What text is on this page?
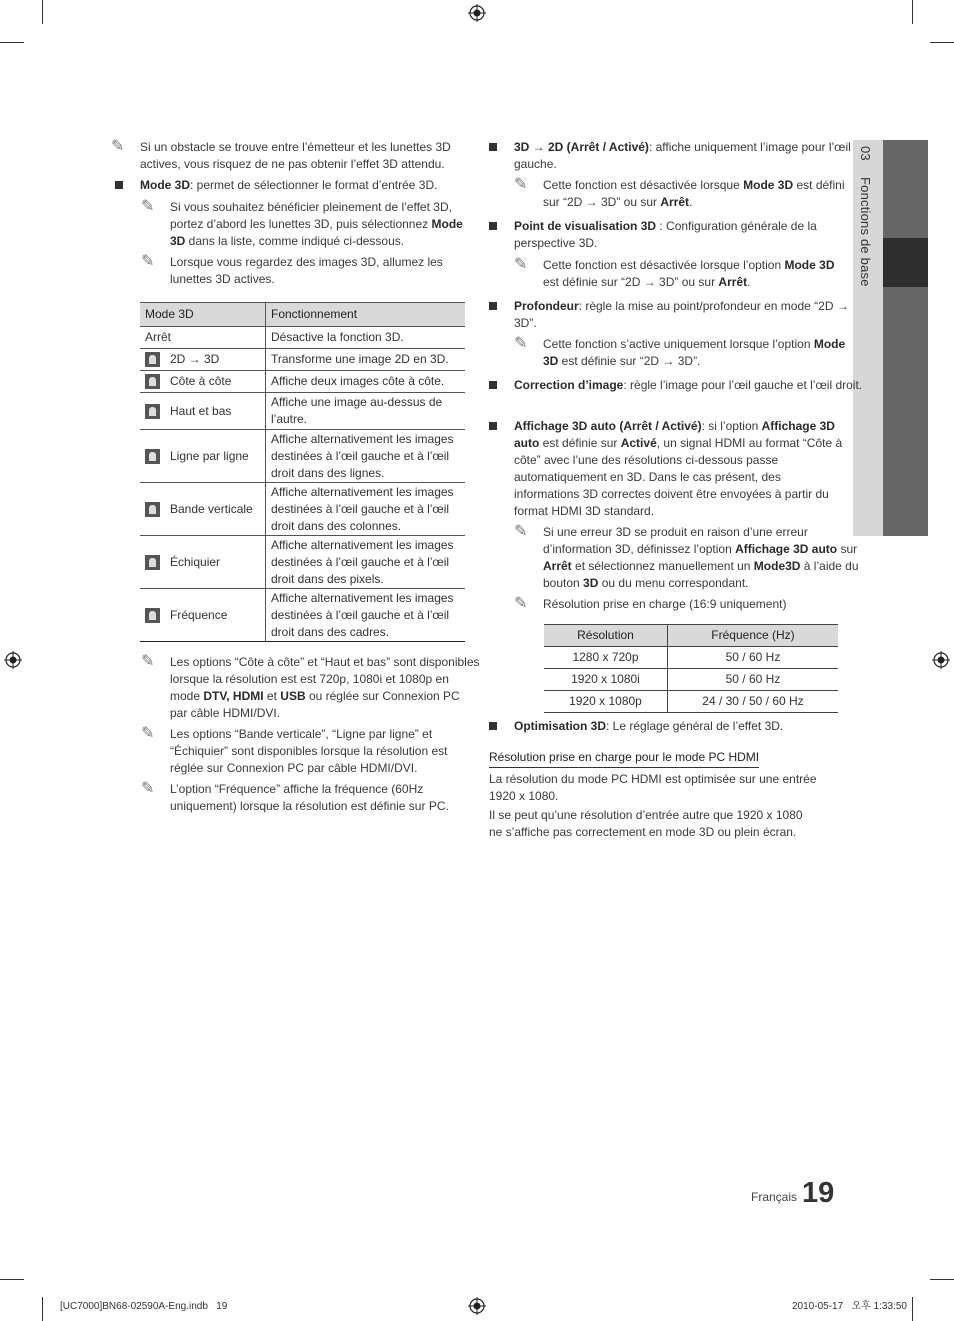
03
Fonctions de base
✎ Si un obstacle se trouve entre l’émetteur et les lunettes 3D actives, vous risquez de ne pas obtenir l’effet 3D attendu.
Mode 3D: permet de sélectionner le format d’entrée 3D.
✎ Si vous souhaitez bénéficier pleinement de l’effet 3D, portez d’abord les lunettes 3D, puis sélectionnez Mode 3D dans la liste, comme indiqué ci-dessous.
✎ Lorsque vous regardez des images 3D, allumez les lunettes 3D actives.
Mode 3D	Fonctionnement
Arrêt	Désactive la fonction 3D.
2D → 3D	Transforme une image 2D en 3D.
Côte à côte	Affiche deux images côte à côte.
Haut et bas	Affiche une image au-dessus de l’autre.
Ligne par ligne	Affiche alternativement les images destinées à l’œil gauche et à l’œil droit dans des lignes.
Bande verticale	Affiche alternativement les images destinées à l’œil gauche et à l’œil droit dans des colonnes.
Échiquier	Affiche alternativement les images destinées à l’œil gauche et à l’œil droit dans des pixels.
Fréquence	Affiche alternativement les images destinées à l’œil gauche et à l’œil droit dans des cadres.
✎ Les options “Côte à côte” et “Haut et bas” sont disponibles lorsque la résolution est est 720p, 1080i et 1080p en mode DTV, HDMI et USB ou réglée sur Connexion PC par câble HDMI/DVI.
✎ Les options “Bande verticale”, “Ligne par ligne” et “Échiquier” sont disponibles lorsque la résolution est réglée sur Connexion PC par câble HDMI/DVI.
✎ L’option “Fréquence” affiche la fréquence (60Hz uniquement) lorsque la résolution est définie sur PC.
3D → 2D (Arrêt / Activé): affiche uniquement l’image pour l’œil gauche.
✎ Cette fonction est désactivée lorsque Mode 3D est défini sur “2D → 3D” ou sur Arrêt.
Point de visualisation 3D : Configuration générale de la perspective 3D.
✎ Cette fonction est désactivée lorsque l’option Mode 3D est définie sur “2D → 3D” ou sur Arrêt.
Profondeur: règle la mise au point/profondeur en mode “2D → 3D”.
✎ Cette fonction s’active uniquement lorsque l’option Mode 3D est définie sur “2D → 3D”.
Correction d’image: règle l’image pour l’œil gauche et l’œil droit.
Affichage 3D auto (Arrêt / Activé): si l’option Affichage 3D auto est définie sur Activé, un signal HDMI au format “Côte à côte” avec l’une des résolutions ci-dessous passe automatiquement en 3D. Dans le cas présent, des informations 3D correctes doivent être envoyées à partir du format HDMI 3D standard.
✎ Si une erreur 3D se produit en raison d’une erreur d’information 3D, définissez l’option Affichage 3D auto sur Arrêt et sélectionnez manuellement un Mode3D à l’aide du bouton 3D ou du menu correspondant.
✎ Résolution prise en charge (16:9 uniquement)
Résolution	Fréquence (Hz)
1280 x 720p	50 / 60 Hz
1920 x 1080i	50 / 60 Hz
1920 x 1080p	24 / 30 / 50 / 60 Hz
Optimisation 3D: Le réglage général de l’effet 3D.
Résolution prise en charge pour le mode PC HDMI
La résolution du mode PC HDMI est optimisée sur une entrée 1920 x 1080.
Il se peut qu’une résolution d’entrée autre que 1920 x 1080 ne s’affiche pas correctement en mode 3D ou plein écran.
Français 19
[UC7000]BN68-02590A-Eng.indb   19	2010-05-17   오후 1:33:50
